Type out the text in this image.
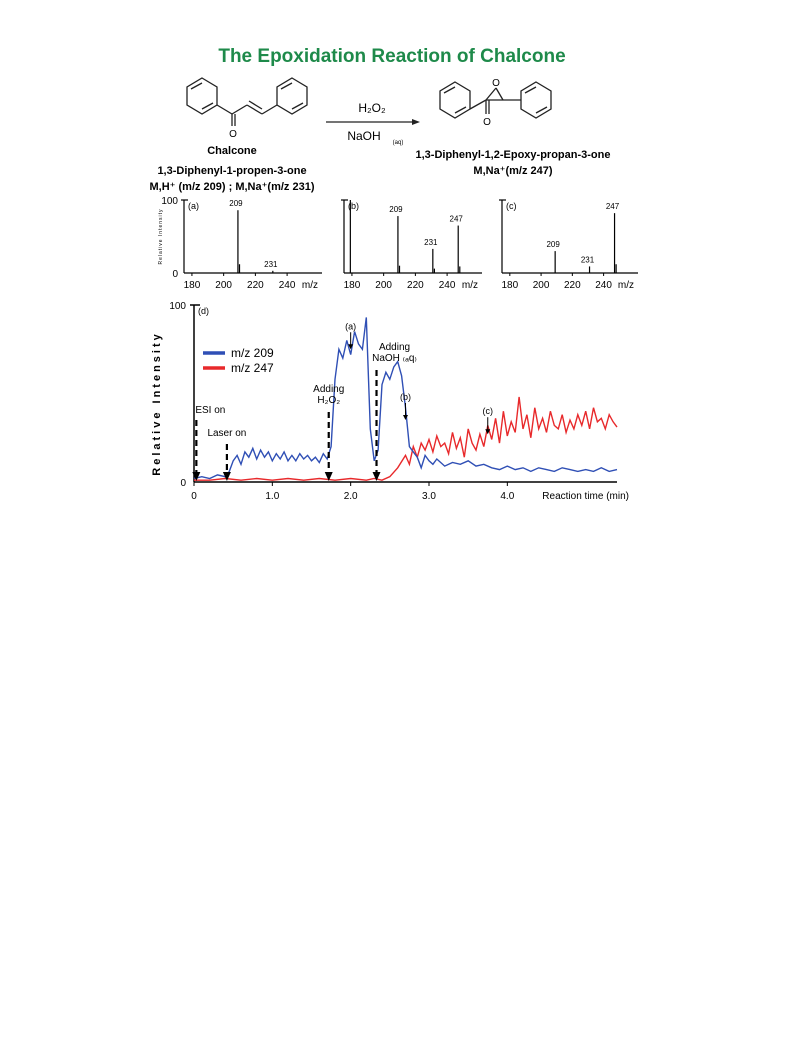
The Epoxidation Reaction of Chalcone
O
Chalcone
1,3-Diphenyl-1-propen-3-one
M,H⁺ (m/z 209) ; M,Na⁺(m/z 231)
H₂O₂
NaOH (aq)
O
O
1,3-Diphenyl-1,2-Epoxy-propan-3-one
M,Na⁺(m/z 247)
(a)
0
100
180 200 220 240 m/z
Relative Intensity
209
231
(b)
180 200 220 240 m/z
209
231
247
(c)
180 200 220 240 m/z
209
231
247
(d)
0
100
0	1.0	2.0	3.0	4.0	Reaction time (min)
Relative Intensity	m/z 209
m/z 247
ESI on
Laser on
Adding
H₂O₂
Adding
NaOH ₍ₐq₎
(a)
(b)
(c)
